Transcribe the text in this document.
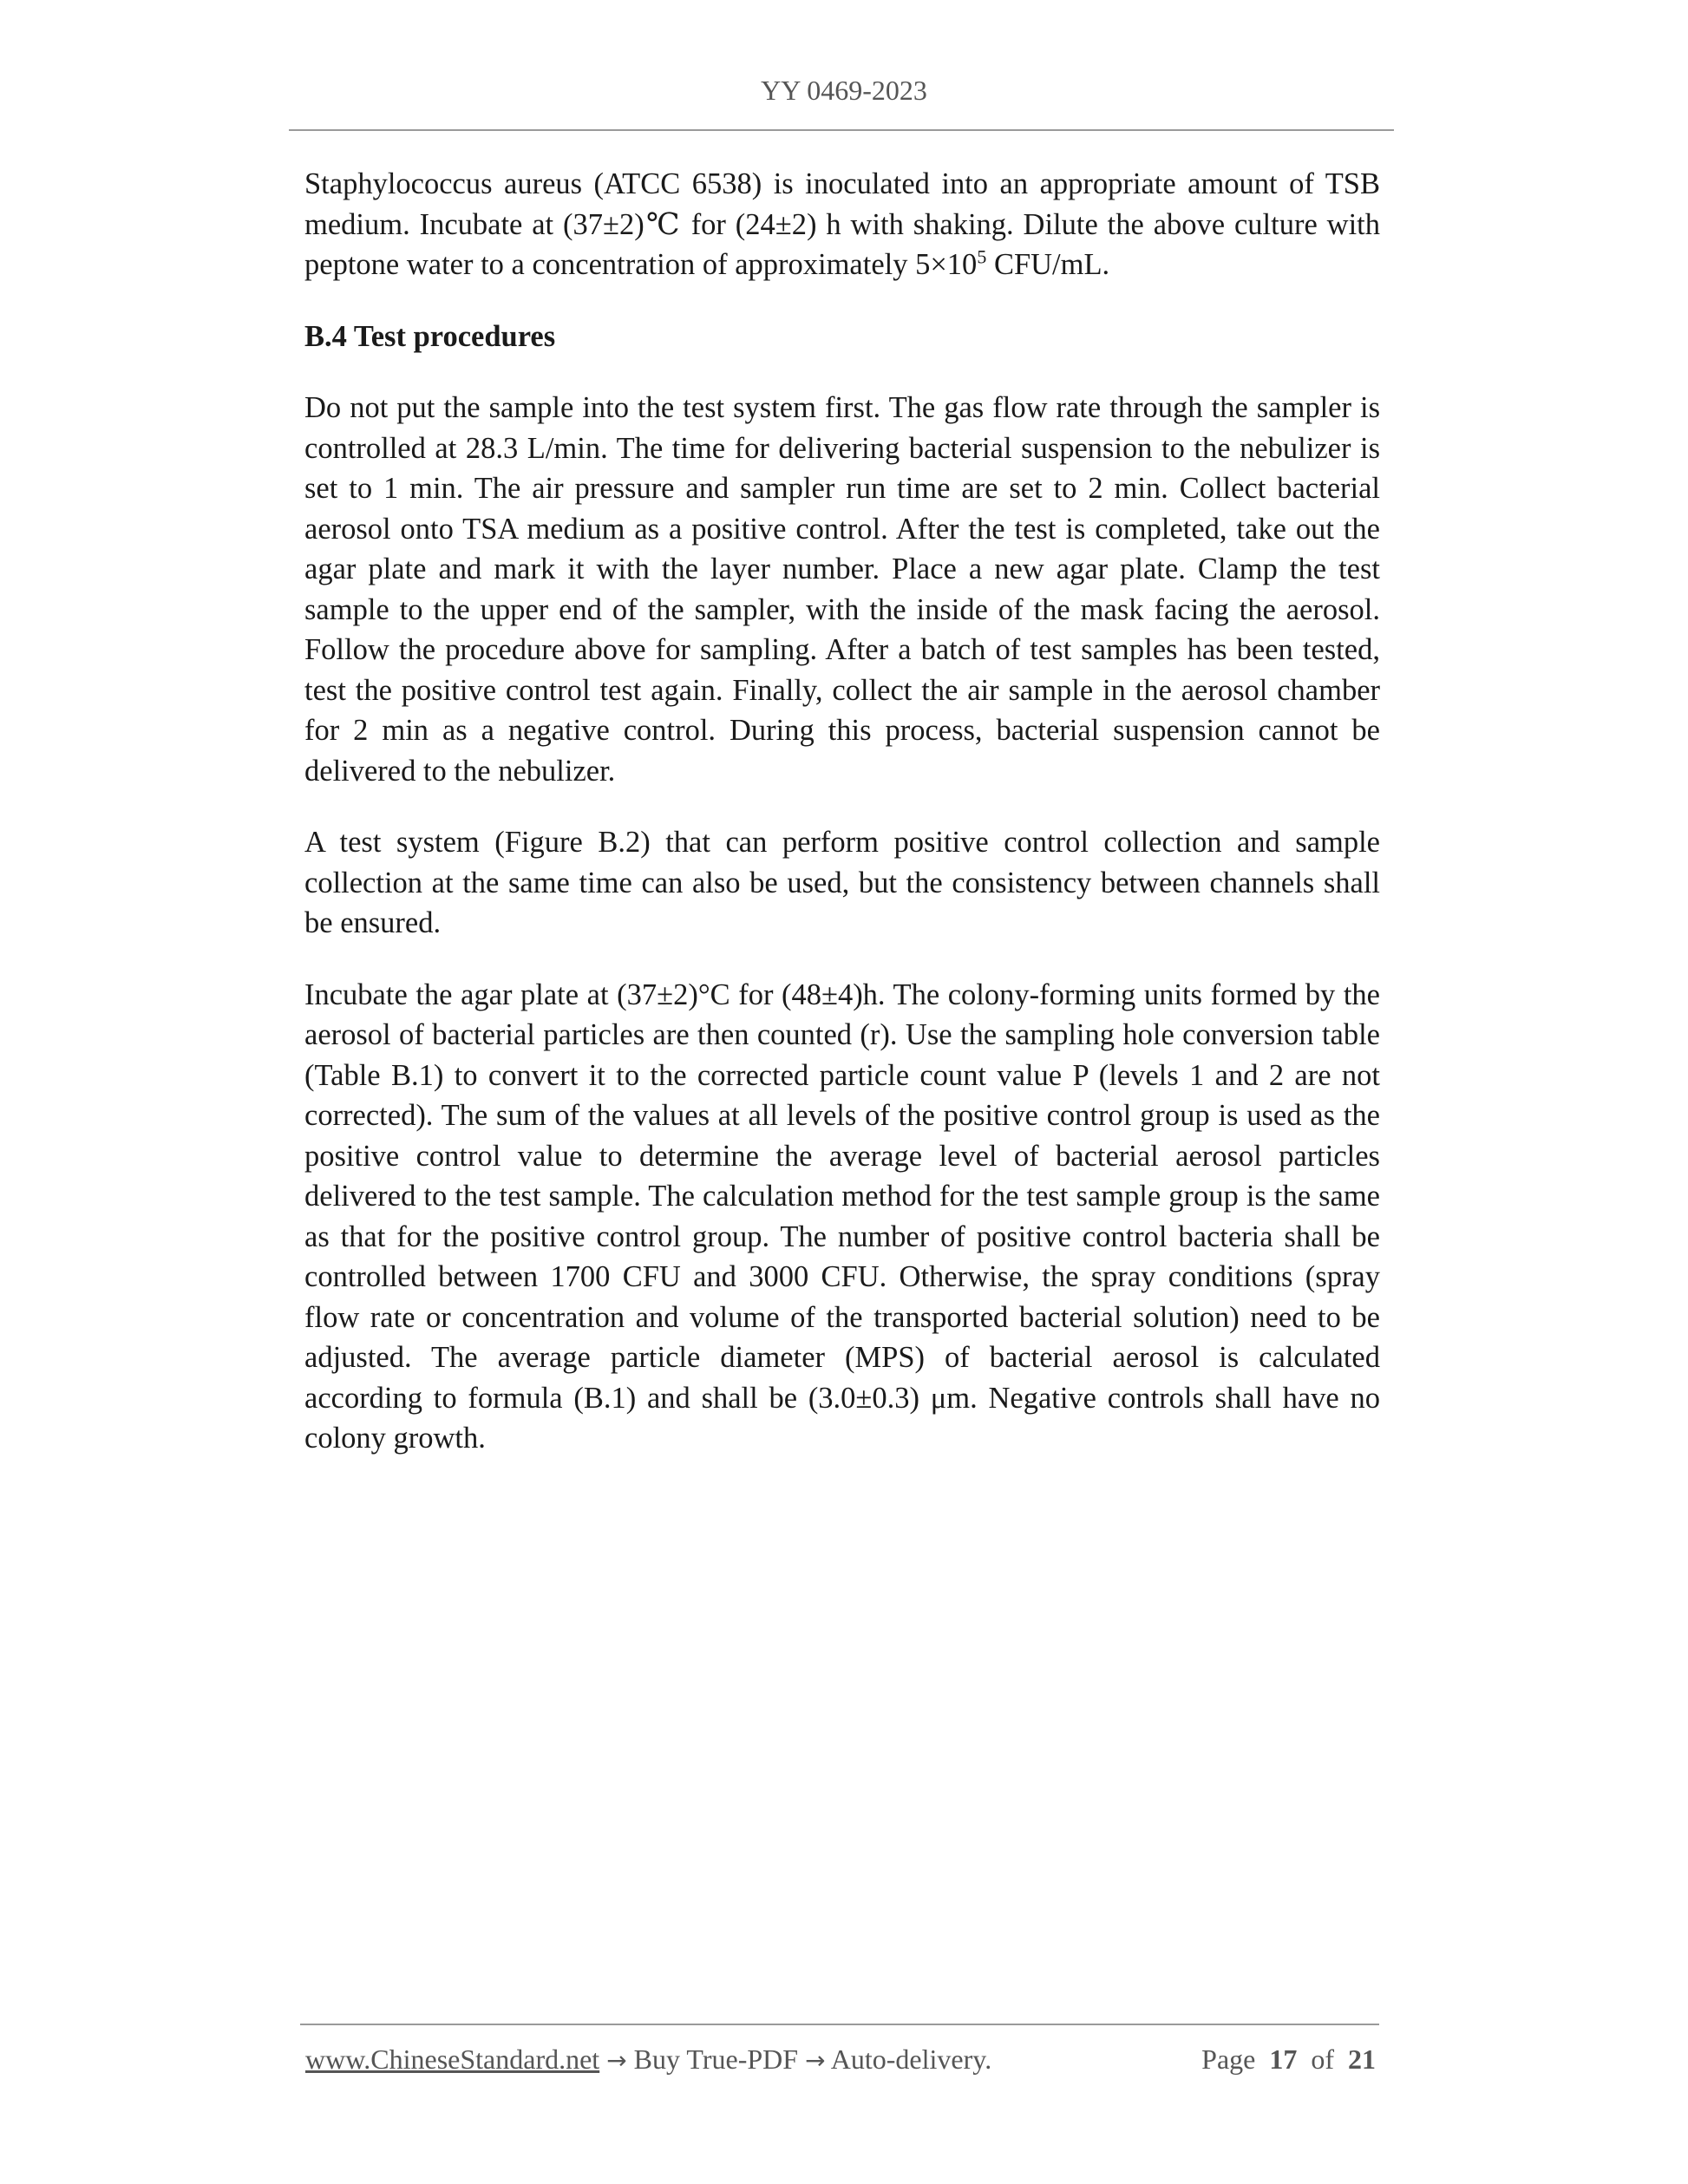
YY 0469-2023

Staphylococcus aureus (ATCC 6538) is inoculated into an appropriate amount of TSB medium. Incubate at (37±2)℃ for (24±2) h with shaking. Dilute the above culture with peptone water to a concentration of approximately $5\times 10^5$ CFU/mL.

B.4 Test procedures

Do not put the sample into the test system first. The gas flow rate through the sampler is controlled at 28.3 L/min. The time for delivering bacterial suspension to the nebulizer is set to 1 min. The air pressure and sampler run time are set to 2 min. Collect bacterial aerosol onto TSA medium as a positive control. After the test is completed, take out the agar plate and mark it with the layer number. Place a new agar plate. Clamp the test sample to the upper end of the sampler, with the inside of the mask facing the aerosol. Follow the procedure above for sampling. After a batch of test samples has been tested, test the positive control test again. Finally, collect the air sample in the aerosol chamber for 2 min as a negative control. During this process, bacterial suspension cannot be delivered to the nebulizer.

A test system (Figure B.2) that can perform positive control collection and sample collection at the same time can also be used, but the consistency between channels shall be ensured.

Incubate the agar plate at (37±2)°C for (48±4)h. The colony-forming units formed by the aerosol of bacterial particles are then counted (r). Use the sampling hole conversion table (Table B.1) to convert it to the corrected particle count value P (levels 1 and 2 are not corrected). The sum of the values at all levels of the positive control group is used as the positive control value to determine the average level of bacterial aerosol particles delivered to the test sample. The calculation method for the test sample group is the same as that for the positive control group. The number of positive control bacteria shall be controlled between 1700 CFU and 3000 CFU. Otherwise, the spray conditions (spray flow rate or concentration and volume of the transported bacterial solution) need to be adjusted. The average particle diameter (MPS) of bacterial aerosol is calculated according to formula (B.1) and shall be (3.0±0.3) μm. Negative controls shall have no colony growth.

www.ChineseStandard.net → Buy True-PDF → Auto-delivery.	Page 17 of 21
